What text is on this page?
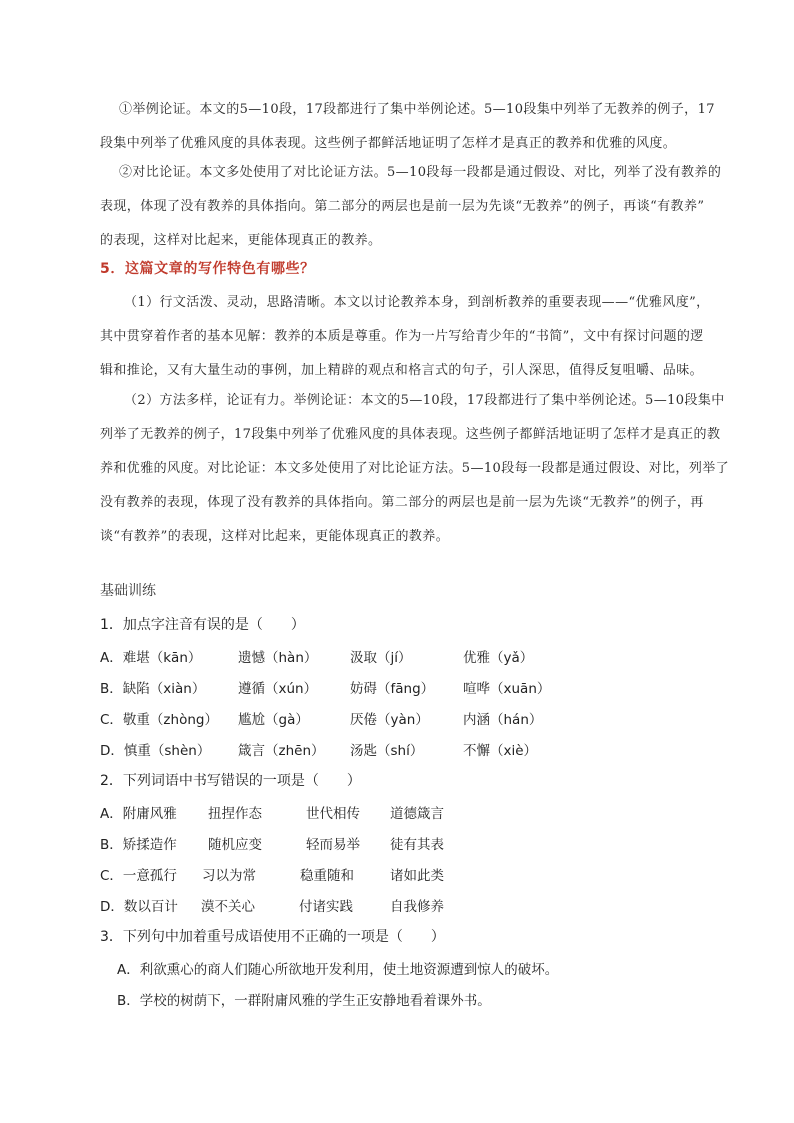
①举例论证。本文的5—10段，17段都进行了集中举例论述。5—10段集中列举了无教养的例子，17
段集中列举了优雅风度的具体表现。这些例子都鲜活地证明了怎样才是真正的教养和优雅的风度。
②对比论证。本文多处使用了对比论证方法。5—10段每一段都是通过假设、对比，列举了没有教养的
表现，体现了没有教养的具体指向。第二部分的两层也是前一层为先谈“无教养”的例子，再谈“有教养”
的表现，这样对比起来，更能体现真正的教养。

5．这篇文章的写作特色有哪些？

（1）行文活泼、灵动，思路清晰。本文以讨论教养本身，到剖析教养的重要表现——“优雅风度”，
其中贯穿着作者的基本见解：教养的本质是尊重。作为一片写给青少年的“书简”，文中有探讨问题的逻
辑和推论，又有大量生动的事例，加上精辟的观点和格言式的句子，引人深思，值得反复咀嚼、品味。
（2）方法多样，论证有力。举例论证：本文的5—10段，17段都进行了集中举例论述。5—10段集中
列举了无教养的例子，17段集中列举了优雅风度的具体表现。这些例子都鲜活地证明了怎样才是真正的教
养和优雅的风度。对比论证：本文多处使用了对比论证方法。5—10段每一段都是通过假设、对比，列举了
没有教养的表现，体现了没有教养的具体指向。第二部分的两层也是前一层为先谈“无教养”的例子，再
谈“有教养”的表现，这样对比起来，更能体现真正的教养。
基础训练
1．加点字注音有误的是（　　）
A．难堪（kān）	遗憾（hàn） 汲取（jí）	优雅（yǎ）
B．缺陷（xiàn） 遵循（xún） 妨碍（fāng） 喧哗（xuān）
C．敬重（zhòng） 尴尬（gà）	厌倦（yàn）	内涵（hán）
D．慎重（shèn） 箴言（zhēn） 汤匙（shí）	不懈（xiè）
2．下列词语中书写错误的一项是（　　）
A．附庸风雅 扭捏作态	世代相传 道德箴言
B．矫揉造作 随机应变	轻而易举 徒有其表
C．一意孤行 习以为常	稳重随和	诸如此类
D．数以百计 漠不关心	付诸实践	自我修养
3．下列句中加着重号成语使用不正确的一项是（　　）
A．利欲熏心的商人们随心所欲地开发利用，使土地资源遭到惊人的破坏。
B．学校的树荫下，一群附庸风雅的学生正安静地看着课外书。
